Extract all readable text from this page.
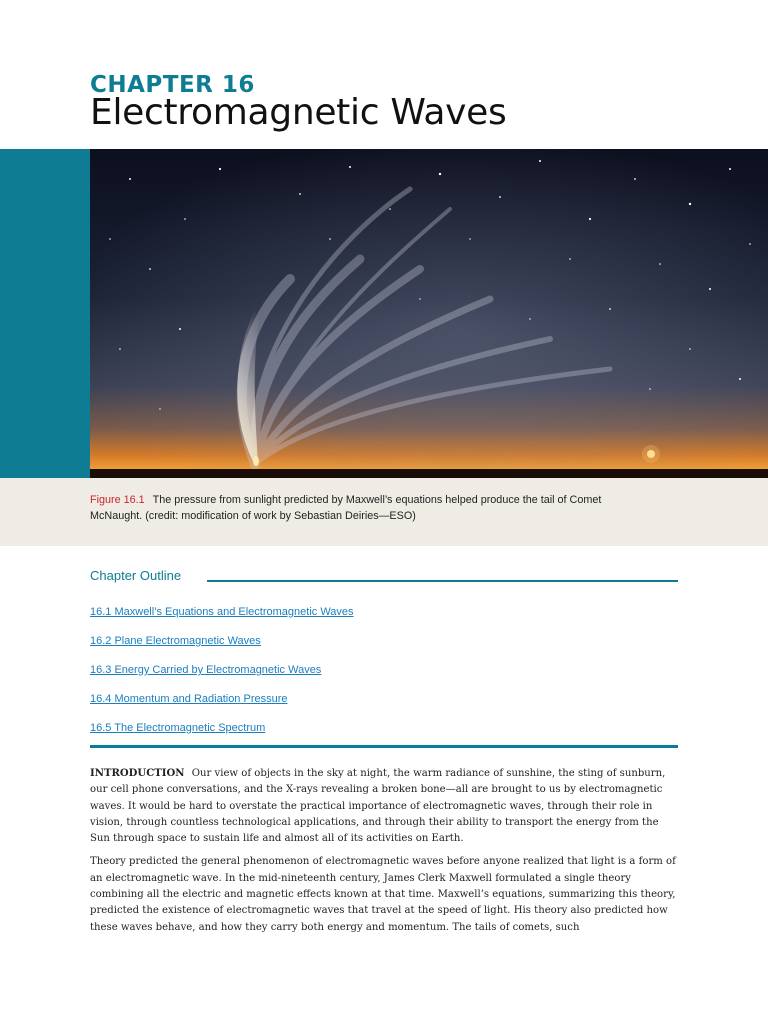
CHAPTER 16
Electromagnetic Waves
Figure 16.1 The pressure from sunlight predicted by Maxwell’s equations helped produce the tail of Comet McNaught. (credit: modification of work by Sebastian Deiries—ESO)
Chapter Outline
16.1 Maxwell’s Equations and Electromagnetic Waves
16.2 Plane Electromagnetic Waves
16.3 Energy Carried by Electromagnetic Waves
16.4 Momentum and Radiation Pressure
16.5 The Electromagnetic Spectrum

INTRODUCTION Our view of objects in the sky at night, the warm radiance of sunshine, the sting of sunburn, our cell phone conversations, and the X-rays revealing a broken bone—all are brought to us by electromagnetic waves. It would be hard to overstate the practical importance of electromagnetic waves, through their role in vision, through countless technological applications, and through their ability to transport the energy from the Sun through space to sustain life and almost all of its activities on Earth.

Theory predicted the general phenomenon of electromagnetic waves before anyone realized that light is a form of an electromagnetic wave. In the mid-nineteenth century, James Clerk Maxwell formulated a single theory combining all the electric and magnetic effects known at that time. Maxwell’s equations, summarizing this theory, predicted the existence of electromagnetic waves that travel at the speed of light. His theory also predicted how these waves behave, and how they carry both energy and momentum. The tails of comets, such
